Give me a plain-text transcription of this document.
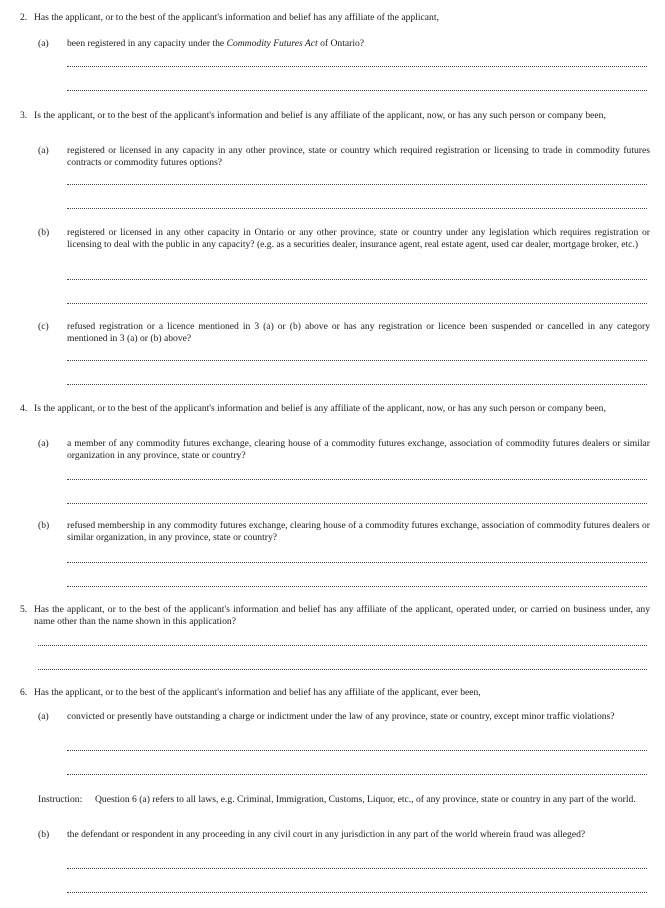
2. Has the applicant, or to the best of the applicant's information and belief has any affiliate of the applicant,
(a)	been registered in any capacity under the Commodity Futures Act of Ontario?
3. Is the applicant, or to the best of the applicant's information and belief is any affiliate of the applicant, now, or has any such person or company been,
(a)	registered or licensed in any capacity in any other province, state or country which required registration or licensing to trade in commodity futures contracts or commodity futures options?
(b)	registered or licensed in any other capacity in Ontario or any other province, state or country under any legislation which requires registration or licensing to deal with the public in any capacity? (e.g. as a securities dealer, insurance agent, real estate agent, used car dealer, mortgage broker, etc.)
(c)	refused registration or a licence mentioned in 3 (a) or (b) above or has any registration or licence been suspended or cancelled in any category mentioned in 3 (a) or (b) above?
4. Is the applicant, or to the best of the applicant's information and belief is any affiliate of the applicant, now, or has any such person or company been,
(a)	a member of any commodity futures exchange, clearing house of a commodity futures exchange, association of commodity futures dealers or similar organization in any province, state or country?
(b)	refused membership in any commodity futures exchange, clearing house of a commodity futures exchange, association of commodity futures dealers or similar organization, in any province, state or country?
5. Has the applicant, or to the best of the applicant's information and belief has any affiliate of the applicant, operated under, or carried on business under, any name other than the name shown in this application?
6. Has the applicant, or to the best of the applicant's information and belief has any affiliate of the applicant, ever been,
(a)	convicted or presently have outstanding a charge or indictment under the law of any province, state or country, except minor traffic violations?
Instruction:	Question 6 (a) refers to all laws, e.g. Criminal, Immigration, Customs, Liquor, etc., of any province, state or country in any part of the world.
(b)	the defendant or respondent in any proceeding in any civil court in any jurisdiction in any part of the world wherein fraud was alleged?
